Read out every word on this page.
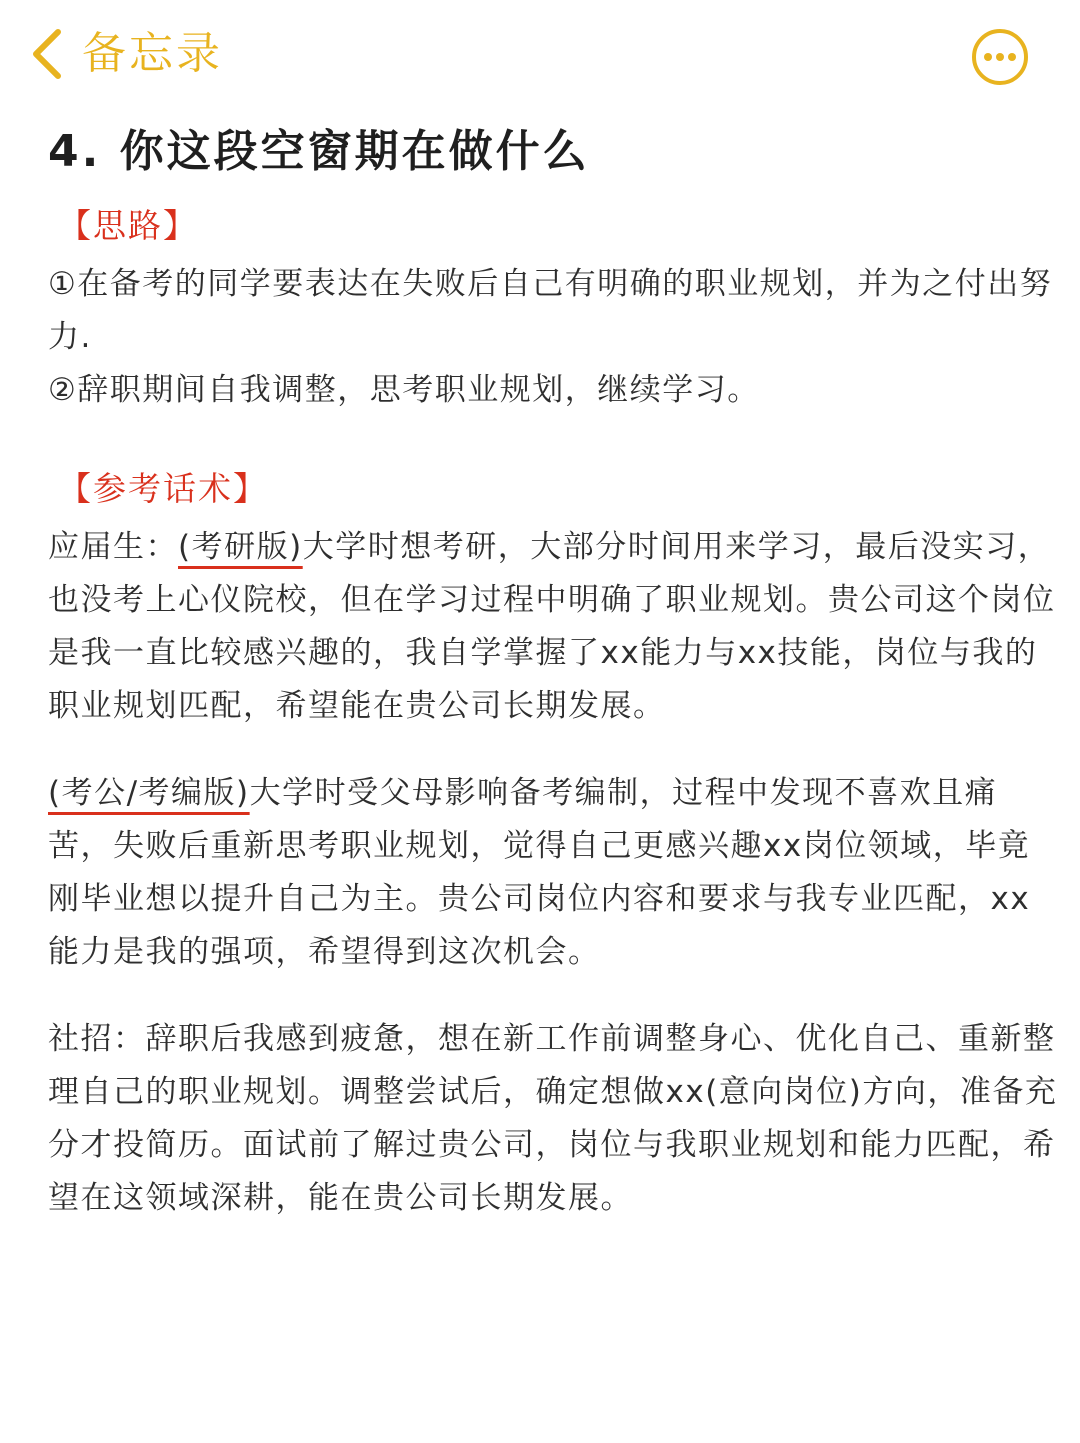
备忘录
4. 你这段空窗期在做什么
【思路】

①在备考的同学要表达在失败后自己有明确的职业规划，并为之付出努力.

②辞职期间自我调整，思考职业规划，继续学习。

【参考话术】

应届生：(考研版)大学时想考研，大部分时间用来学习，最后没实习，也没考上心仪院校，但在学习过程中明确了职业规划。贵公司这个岗位是我一直比较感兴趣的，我自学掌握了xx能力与xx技能，岗位与我的职业规划匹配，希望能在贵公司长期发展。

(考公/考编版)大学时受父母影响备考编制，过程中发现不喜欢且痛苦，失败后重新思考职业规划，觉得自己更感兴趣xx岗位领域，毕竟刚毕业想以提升自己为主。贵公司岗位内容和要求与我专业匹配，xx能力是我的强项，希望得到这次机会。

社招：辞职后我感到疲惫，想在新工作前调整身心、优化自己、重新整理自己的职业规划。调整尝试后，确定想做xx(意向岗位)方向，准备充分才投简历。面试前了解过贵公司，岗位与我职业规划和能力匹配，希望在这领域深耕，能在贵公司长期发展。
